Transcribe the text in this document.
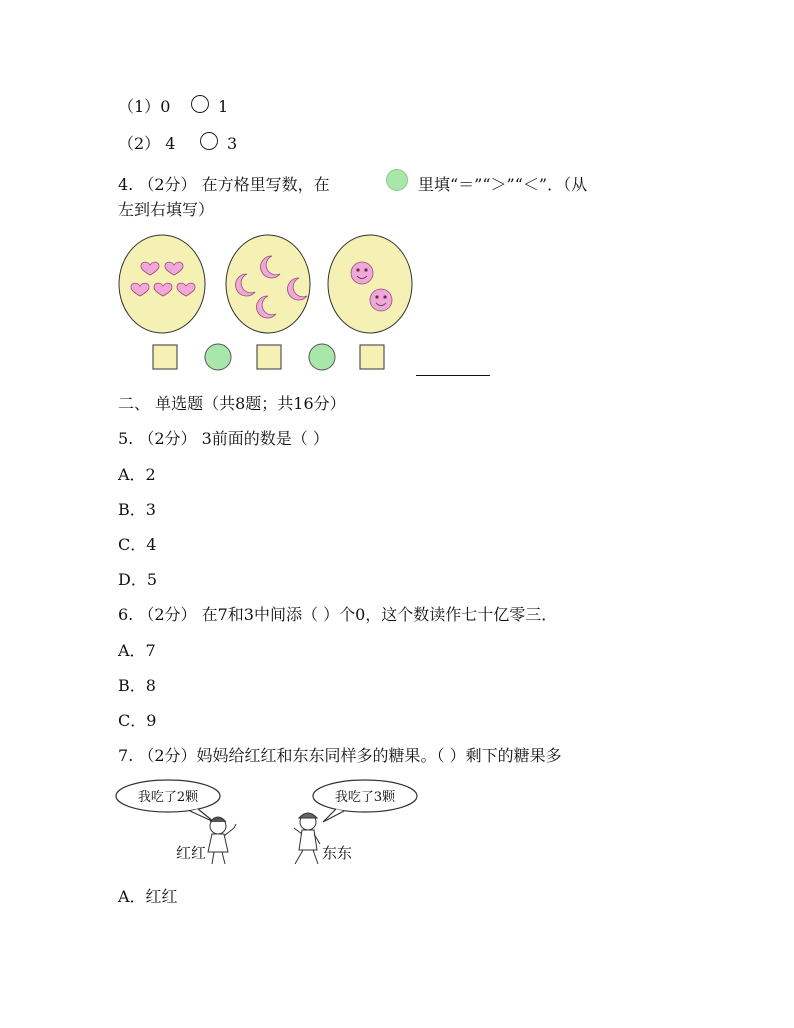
（1）0	1
（2） 4	3
4. （2分） 在方格里写数，在	里填“＝”“＞”“＜”．（从
左到右填写）
二、 单选题（共8题；共16分）
5. （2分） 3前面的数是（ ）
A．2
B．3
C．4
D．5
6. （2分） 在7和3中间添（ ）个0，这个数读作七十亿零三．
A．7
B．8
C．9
7. （2分）妈妈给红红和东东同样多的糖果。（ ）剩下的糖果多
我吃了2颗	我吃了3颗
红红	东东
A．红红
